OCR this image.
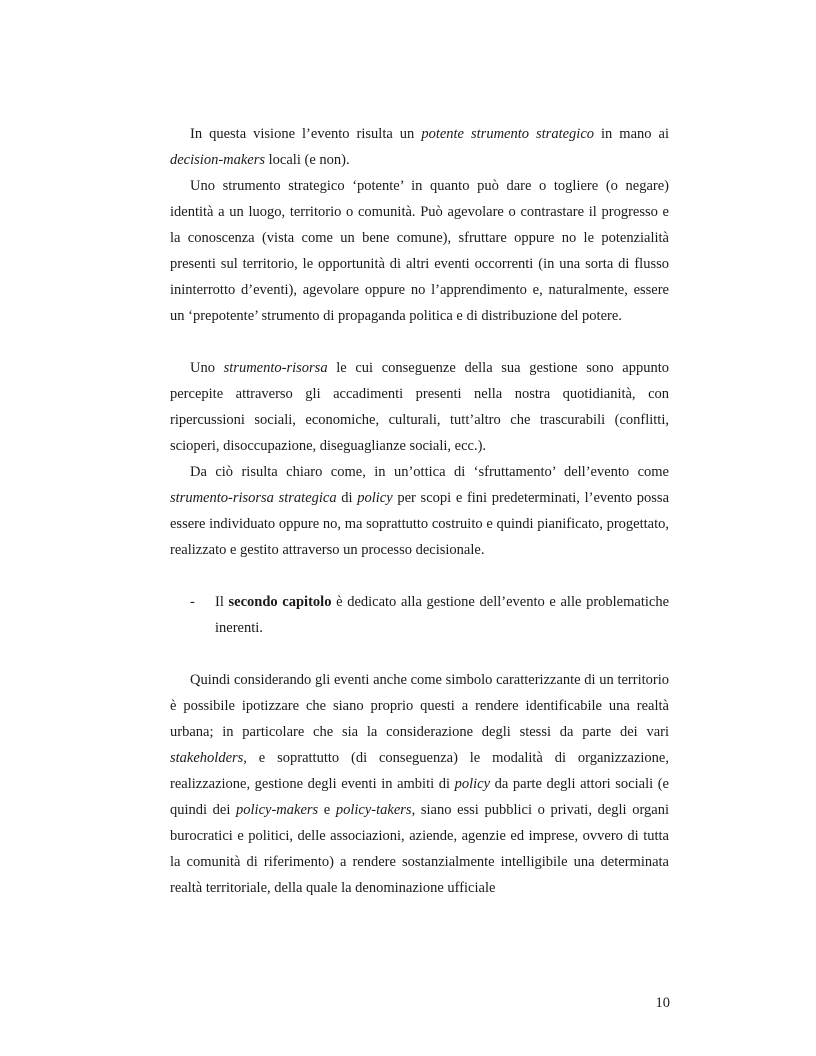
In questa visione l’evento risulta un potente strumento strategico in mano ai decision-makers locali (e non).

Uno strumento strategico ‘potente’ in quanto può dare o togliere (o negare) identità a un luogo, territorio o comunità. Può agevolare o contrastare il progresso e la conoscenza (vista come un bene comune), sfruttare oppure no le potenzialità presenti sul territorio, le opportunità di altri eventi occorrenti (in una sorta di flusso ininterrotto d’eventi), agevolare oppure no l’apprendimento e, naturalmente, essere un ‘prepotente’ strumento di propaganda politica e di distribuzione del potere.

Uno strumento-risorsa le cui conseguenze della sua gestione sono appunto percepite attraverso gli accadimenti presenti nella nostra quotidianità, con ripercussioni sociali, economiche, culturali, tutt’altro che trascurabili (conflitti, scioperi, disoccupazione, diseguaglianze sociali, ecc.).

Da ciò risulta chiaro come, in un’ottica di ‘sfruttamento’ dell’evento come strumento-risorsa strategica di policy per scopi e fini predeterminati, l’evento possa essere individuato oppure no, ma soprattutto costruito e quindi pianificato, progettato, realizzato e gestito attraverso un processo decisionale.

- Il secondo capitolo è dedicato alla gestione dell’evento e alle problematiche inerenti.

Quindi considerando gli eventi anche come simbolo caratterizzante di un territorio è possibile ipotizzare che siano proprio questi a rendere identificabile una realtà urbana; in particolare che sia la considerazione degli stessi da parte dei vari stakeholders, e soprattutto (di conseguenza) le modalità di organizzazione, realizzazione, gestione degli eventi in ambiti di policy da parte degli attori sociali (e quindi dei policy-makers e policy-takers, siano essi pubblici o privati, degli organi burocratici e politici, delle associazioni, aziende, agenzie ed imprese, ovvero di tutta la comunità di riferimento) a rendere sostanzialmente intelligibile una determinata realtà territoriale, della quale la denominazione ufficiale

10
